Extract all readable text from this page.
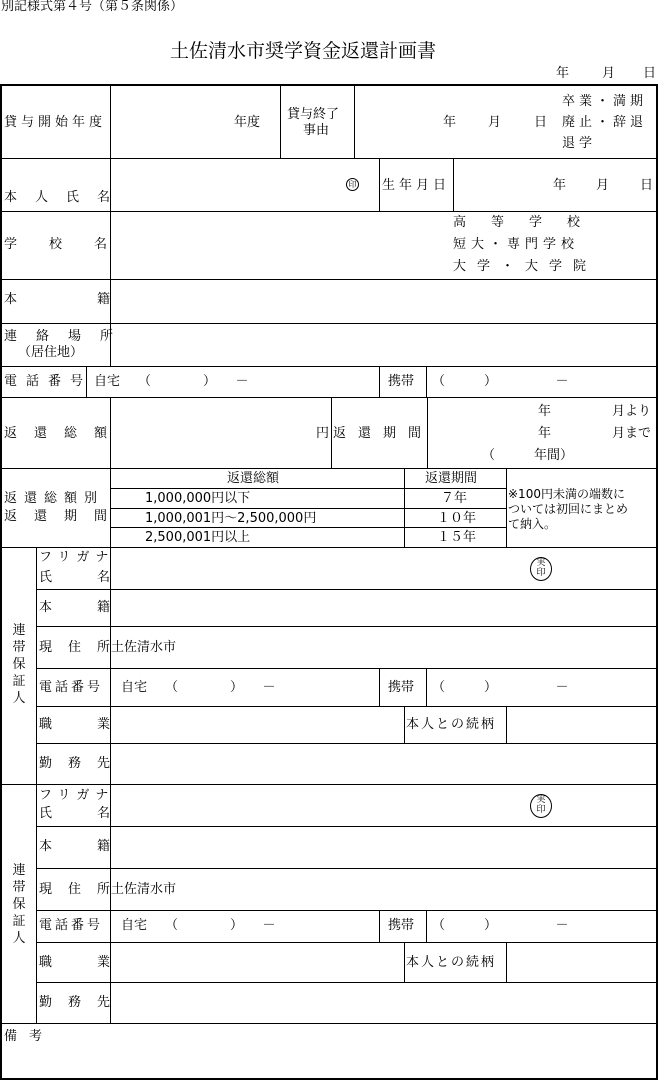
別記様式第４号（第５条関係）
土佐清水市奨学資金返還計画書
年	月 日
貸与開始年度	年度
貸与終了
事由
年 月	日
卒業・満期
廃止・辞退
退学
本人氏名
印 生年月日	年 月 日
学校名
高等学校
短大・専門学校
大学・大学院
本籍
連絡場所
（居住地）
電話番号 自宅 （　　　　）　　－	携帯 （　　　）　　　　　－
返還総額	円 返還期間
年	月より
年	月まで
（　　　年間）
返還総額別
返還期間
返還総額	返還期間
1,000,000円以下	７年
1,000,001円～2,500,000円	１０年
2,500,001円以上	１５年
※100円未満の端数に
ついては初回にまとめ
て納入。
連帯保証人
フリガナ
氏名
実
印
本籍
現住所
土佐清水市
電話番号 自宅 （　　　　）　　－	携帯 （　　　）　　　　　－
職業	本人との続柄
勤務先
連帯保証人
フリガナ
氏名
実
印
本籍
現住所
土佐清水市
電話番号 自宅 （　　　　）　　－	携帯 （　　　）　　　　　－
職業	本人との続柄
勤務先
備考
